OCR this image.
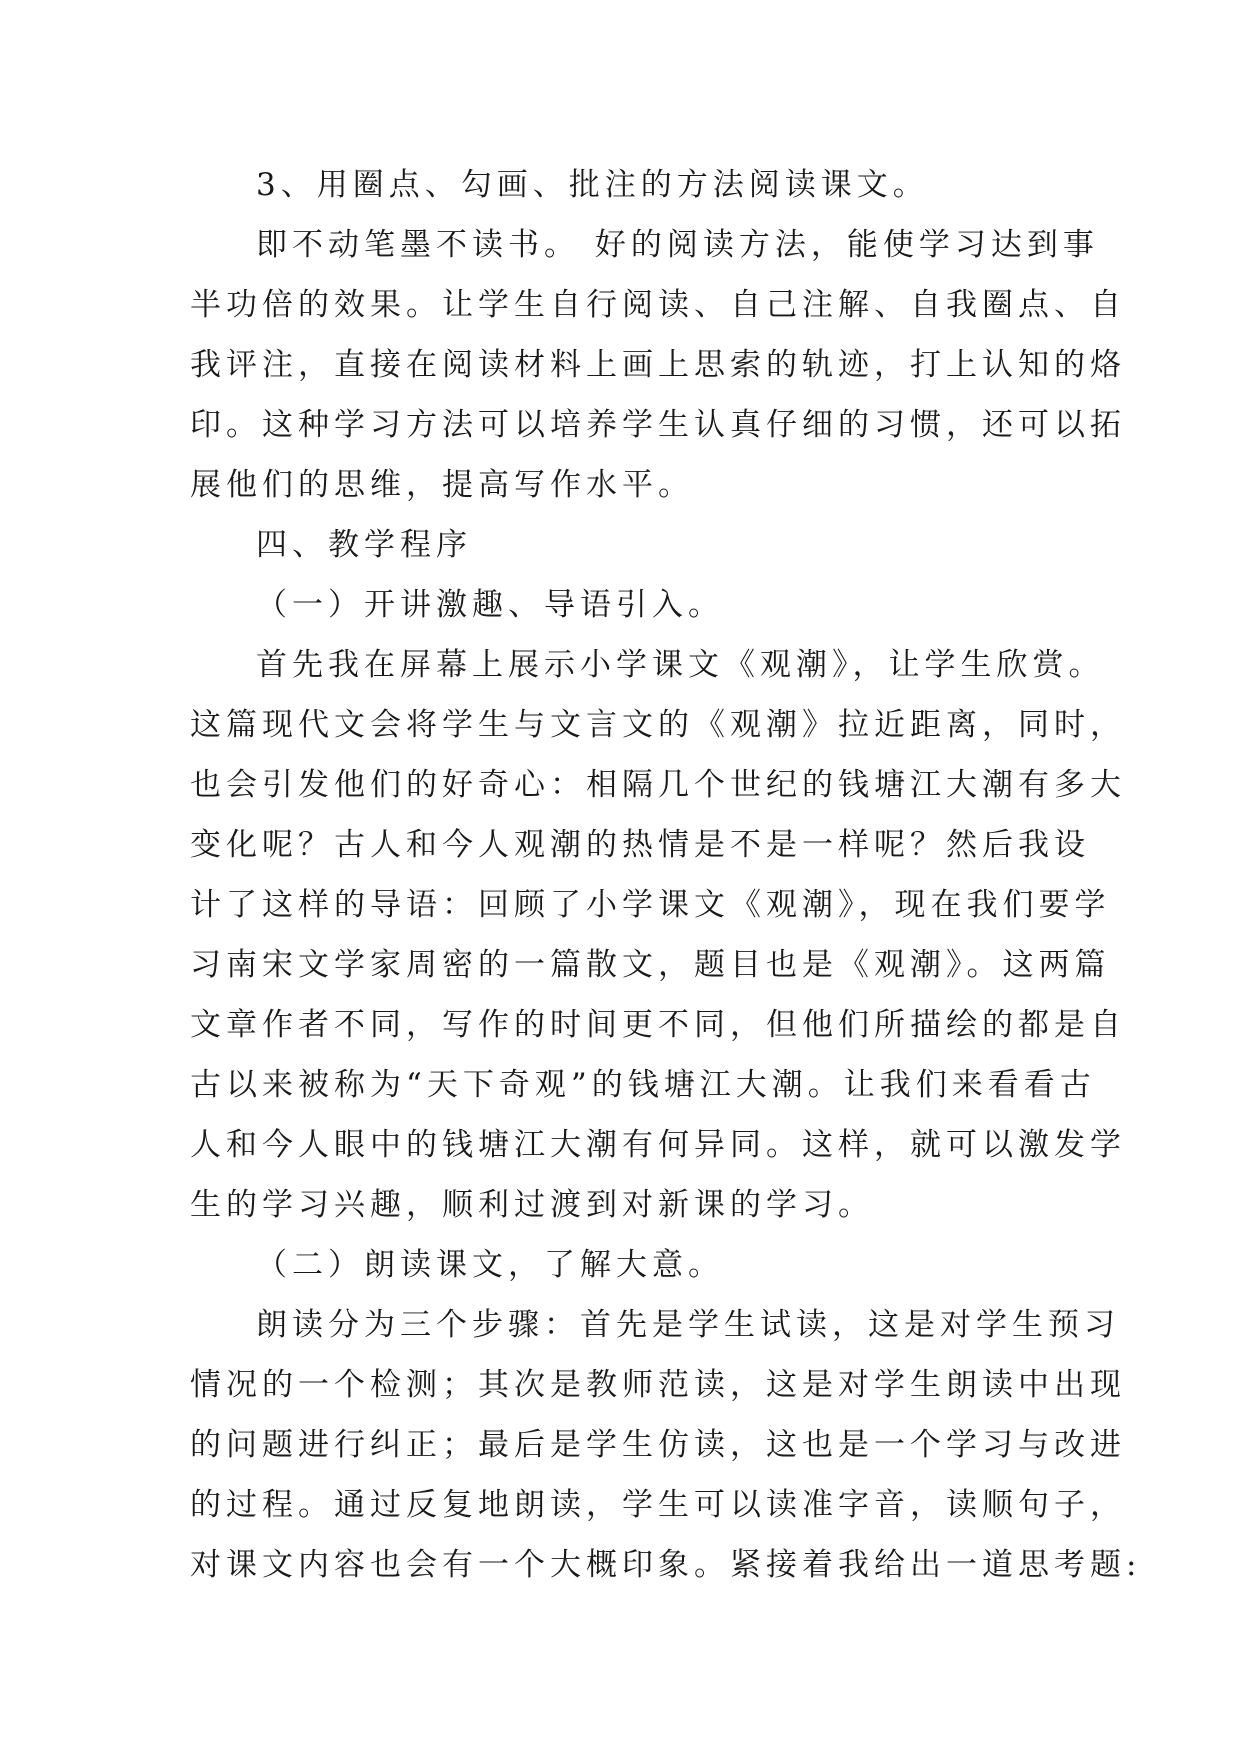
3、用圈点、勾画、批注的方法阅读课文。
即不动笔墨不读书。 好的阅读方法，能使学习达到事
半功倍的效果。让学生自行阅读、自己注解、自我圈点、自
我评注，直接在阅读材料上画上思索的轨迹，打上认知的烙
印。这种学习方法可以培养学生认真仔细的习惯，还可以拓
展他们的思维，提高写作水平。
四、教学程序
（一）开讲激趣、导语引入。
首先我在屏幕上展示小学课文《观潮》，让学生欣赏。
这篇现代文会将学生与文言文的《观潮》拉近距离，同时，
也会引发他们的好奇心：相隔几个世纪的钱塘江大潮有多大
变化呢？古人和今人观潮的热情是不是一样呢？然后我设
计了这样的导语：回顾了小学课文《观潮》，现在我们要学
习南宋文学家周密的一篇散文，题目也是《观潮》。这两篇
文章作者不同，写作的时间更不同，但他们所描绘的都是自
古以来被称为“天下奇观”的钱塘江大潮。让我们来看看古
人和今人眼中的钱塘江大潮有何异同。这样，就可以激发学
生的学习兴趣，顺利过渡到对新课的学习。
（二）朗读课文，了解大意。
朗读分为三个步骤：首先是学生试读，这是对学生预习
情况的一个检测；其次是教师范读，这是对学生朗读中出现
的问题进行纠正；最后是学生仿读，这也是一个学习与改进
的过程。通过反复地朗读，学生可以读准字音，读顺句子，
对课文内容也会有一个大概印象。紧接着我给出一道思考题:
